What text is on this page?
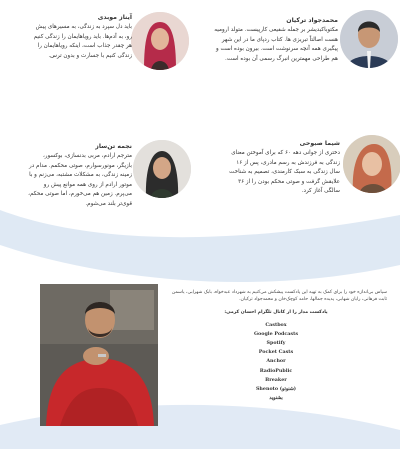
محمدجواد ترکیان
مکتوباکبدیشر بر جمله شفیعی کارپیست. متولد ارومیه هست اصالتاً تبریزی ها. کتاب ردپای ما در این شهر پیگیری همه آنچه سرنوشت است. بیرون بوده است و هم طراحی مهمترین انبرگ رسمی آن بوده است.
آیناز موبدی
باید دل سپرد به زندگی، به مسیرهای پیش رو، به آدم‌ها. باید رویاهایمان را زندگی کنیم هر چقدر جذاب است، اینکه رویاهایمان را زندگی کنیم با جسارت و بدون ترس.
شیما صبوحی
دختری از جوانی دهه ۶۰ که برای آموختن معنای زندگی به فرزندش به رسم مادری، پس از ۱۶ سال زندگی به سبک کارمندی، تصمیم به شناخت علایقش گرفت و صوتی محکم بودن را از ۳۶ سالگی آغاز کرد.
نجمه تن‌ساز
مترجم ارادم، مربی بدنسازی، بوکسور، بازیگر، مونورسوارم، صوتی محکمم. مدام در زمینه زندگی، به مشکلات مشتبه، می‌زنم و با موتور ارادم از روی همه موانع پیش رو می‌پرم. زمین هم می‌خورم، اما صوتی محکم، قوی‌تر بلند می‌شوم.
سپاس بی‌اندازه خود را برای کمک به تهیه این پادکست پیشکش می‌کنیم به شهرداد عبدخواه، بابک شهرابی، یاسمن ثابت فرهانی، رایان شهابی، پدیده جمالها، حامد کوچک‌خان و محمدجواد ترکیان.
پادکست مدار را از کانال تلگرام احسان کرمی:
Castbox
Google Podcasts
Spotify
Pocket Casts
Anchor
RadioPublic
Breaker
(شنوتو) Shenoto
بشنوید
